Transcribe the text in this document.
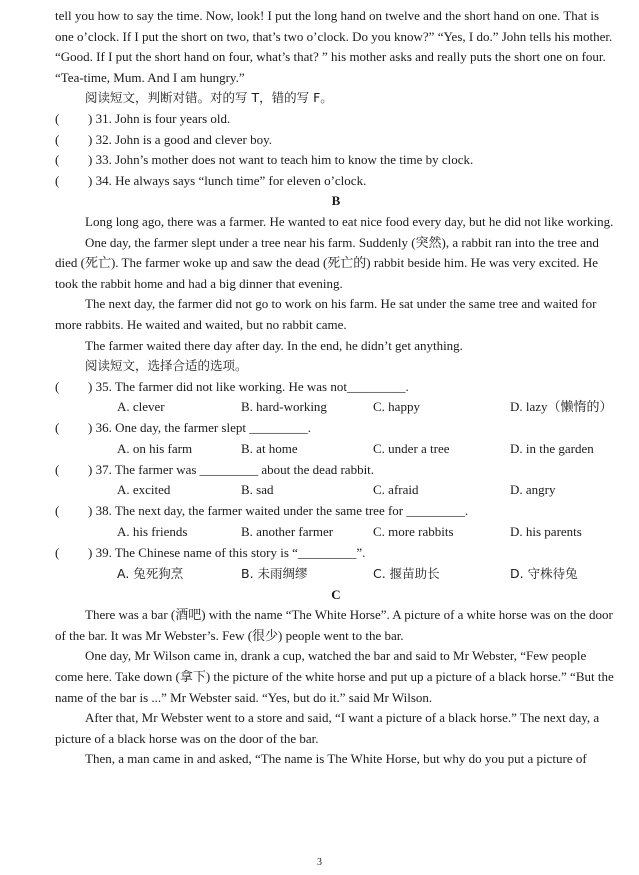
tell you how to say the time. Now, look! I put the long hand on twelve and the short hand on one. That is one o’clock. If I put the short on two, that’s two o’clock. Do you know?” “Yes, I do.” John tells his mother. “Good. If I put the short hand on four, what’s that? ” his mother asks and really puts the short one on four. “Tea-time, Mum. And I am hungry.”

阅读短文，判断对错。对的写 T，错的写 F。

( ) 31. John is four years old.
( ) 32. John is a good and clever boy.
( ) 33. John’s mother does not want to teach him to know the time by clock.
( ) 34. He always says “lunch time” for eleven o’clock.

B

Long long ago, there was a farmer. He wanted to eat nice food every day, but he did not like working.

One day, the farmer slept under a tree near his farm. Suddenly (突然), a rabbit ran into the tree and died (死亡). The farmer woke up and saw the dead (死亡的) rabbit beside him. He was very excited. He took the rabbit home and had a big dinner that evening.

The next day, the farmer did not go to work on his farm. He sat under the same tree and waited for more rabbits. He waited and waited, but no rabbit came.

The farmer waited there day after day. In the end, he didn’t get anything.

阅读短文，选择合适的选项。

( ) 35. The farmer did not like working. He was not_________.
A. clever	B. hard-working	C. happy	D. lazy（懒惰的）
( ) 36. One day, the farmer slept _________.
A. on his farm	B. at home	C. under a tree	D. in the garden
( ) 37. The farmer was _________ about the dead rabbit.
A. excited	B. sad	C. afraid	D. angry
( ) 38. The next day, the farmer waited under the same tree for _________.
A. his friends	B. another farmer	C. more rabbits	D. his parents
( ) 39. The Chinese name of this story is “_________”.
A. 兔死狗烹	B. 未雨绸缪	C. 揠苗助长	D. 守株待兔

C

There was a bar (酒吧) with the name “The White Horse”. A picture of a white horse was on the door of the bar. It was Mr Webster’s. Few (很少) people went to the bar.

One day, Mr Wilson came in, drank a cup, watched the bar and said to Mr Webster, “Few people come here. Take down (拿下) the picture of the white horse and put up a picture of a black horse.” “But the name of the bar is ...” Mr Webster said. “Yes, but do it.” said Mr Wilson.

After that, Mr Webster went to a store and said, “I want a picture of a black horse.” The next day, a picture of a black horse was on the door of the bar.

Then, a man came in and asked, “The name is The White Horse, but why do you put a picture of

3
